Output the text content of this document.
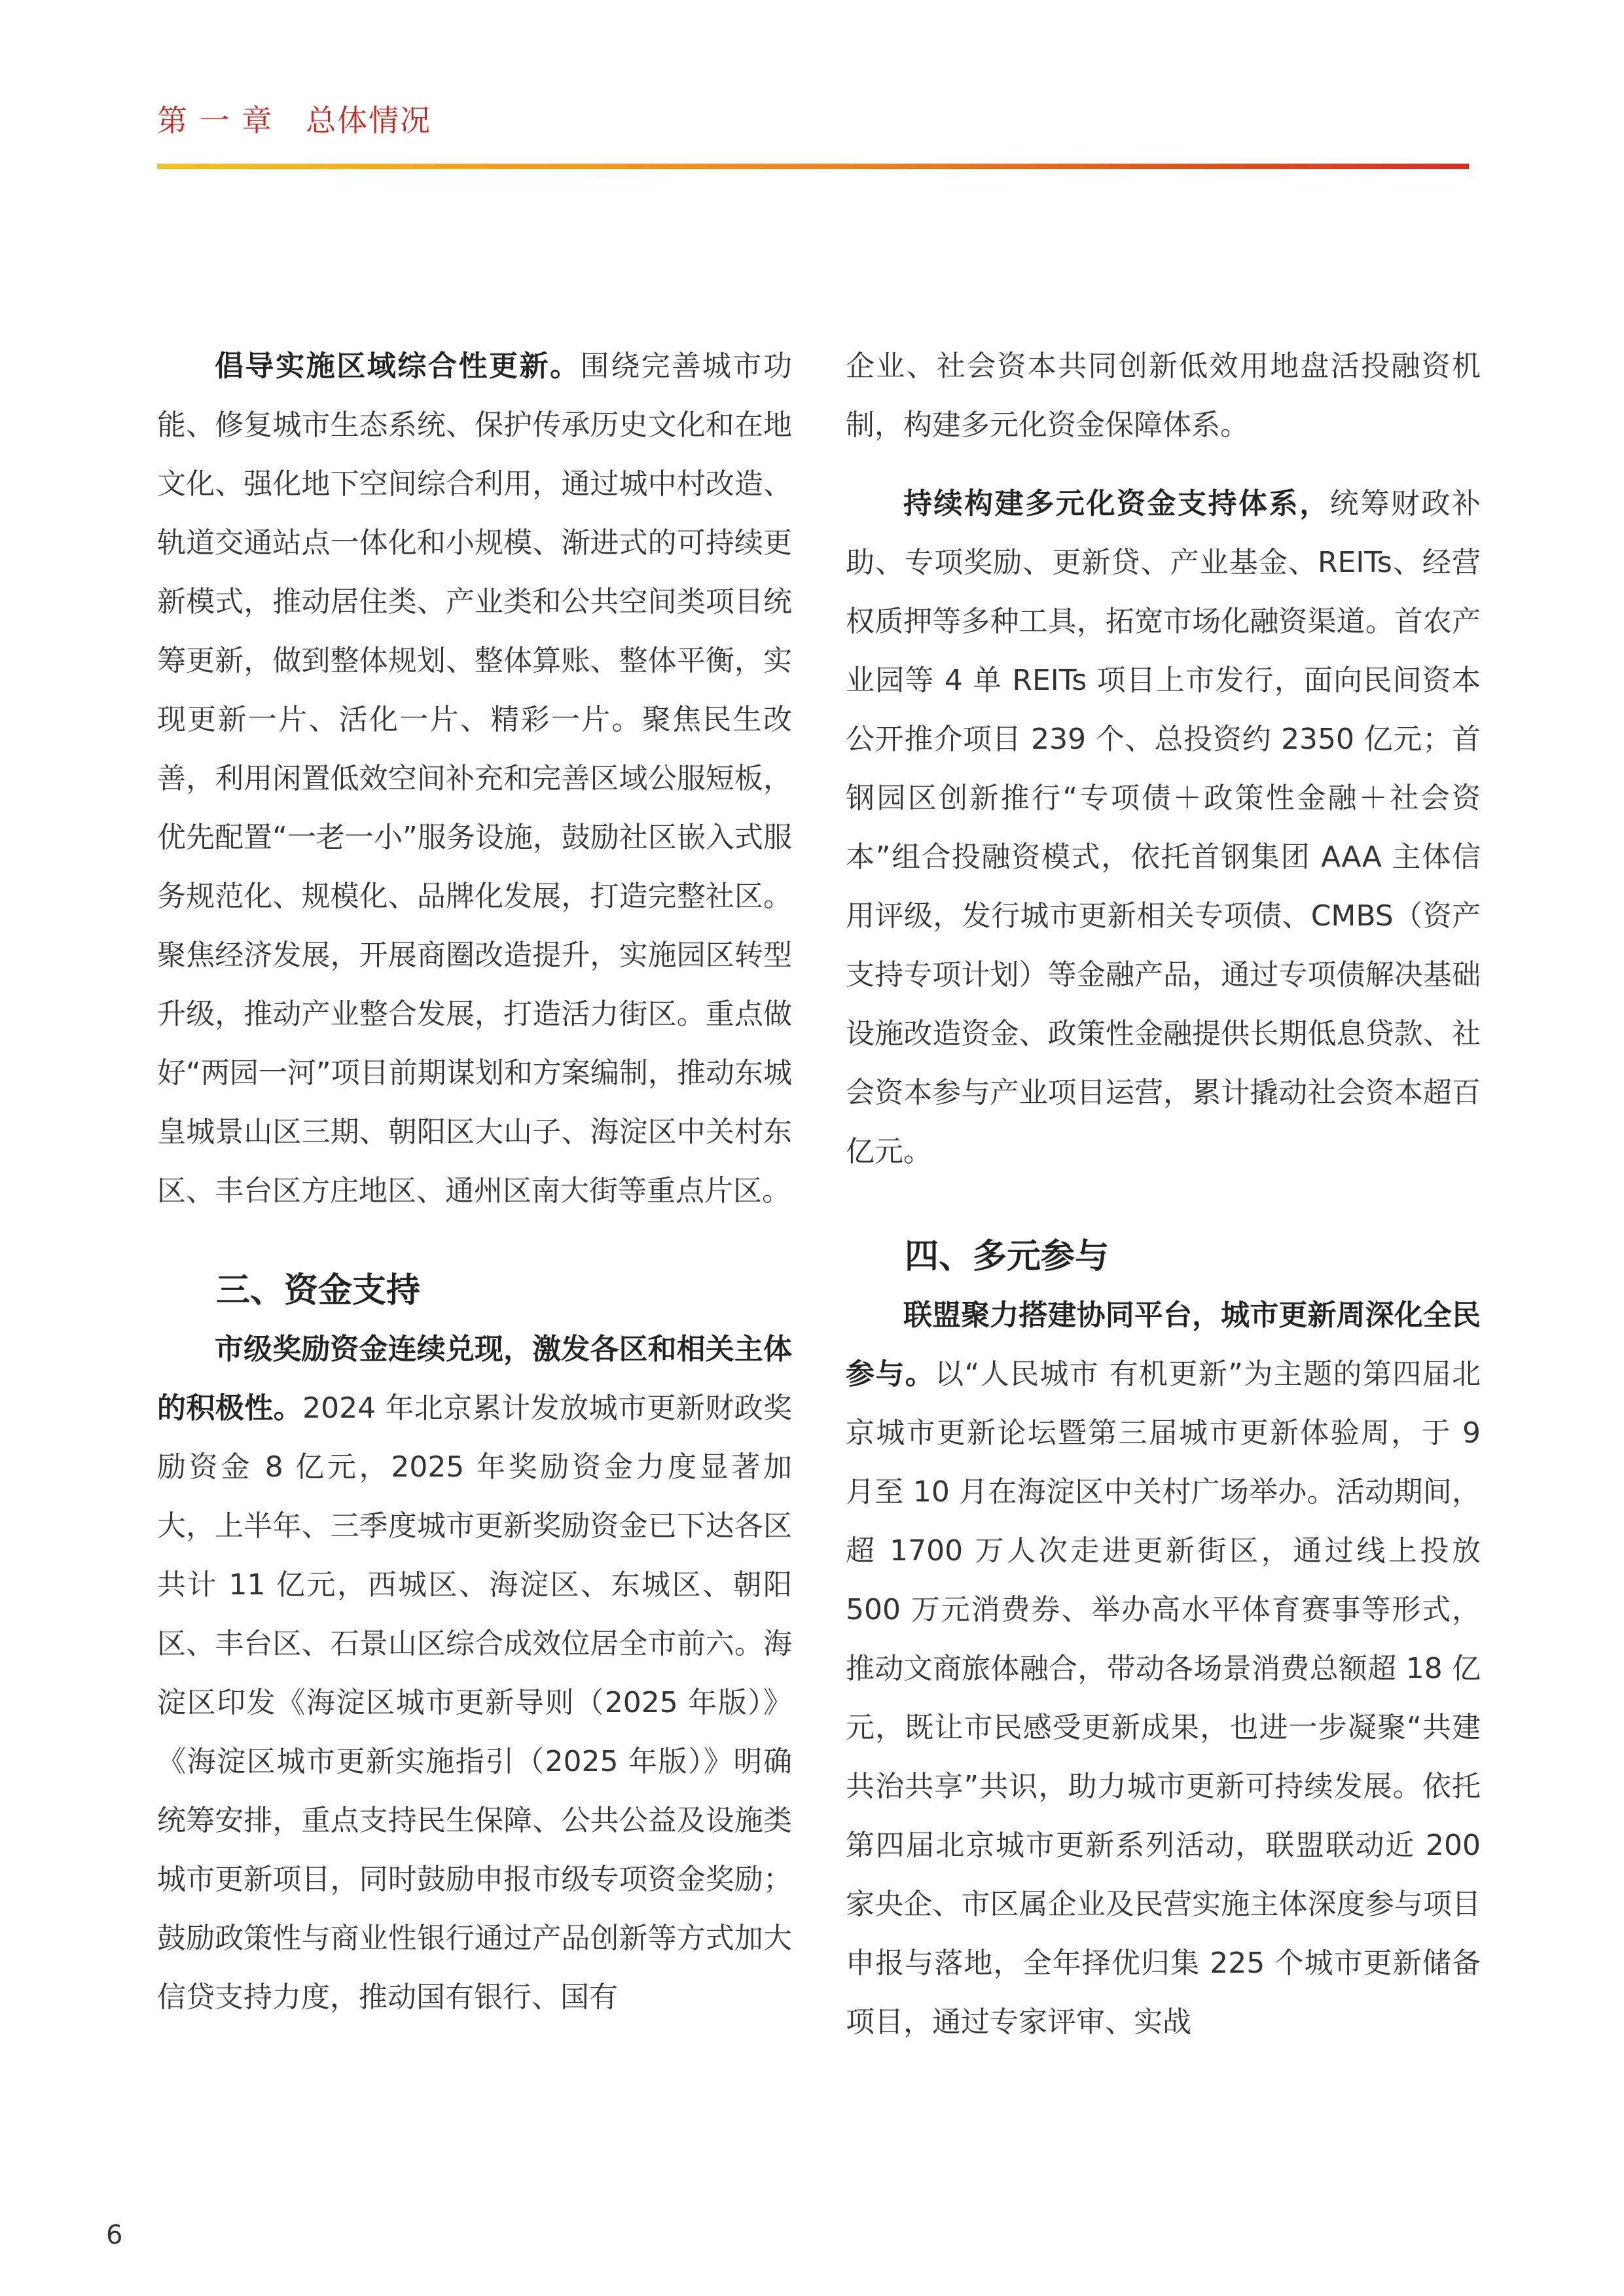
第 一 章   总体情况

倡导实施区域综合性更新。围绕完善城市功能、修复城市生态系统、保护传承历史文化和在地文化、强化地下空间综合利用，通过城中村改造、轨道交通站点一体化和小规模、渐进式的可持续更新模式，推动居住类、产业类和公共空间类项目统筹更新，做到整体规划、整体算账、整体平衡，实现更新一片、活化一片、精彩一片。聚焦民生改善，利用闲置低效空间补充和完善区域公服短板，优先配置“一老一小”服务设施，鼓励社区嵌入式服务规范化、规模化、品牌化发展，打造完整社区。聚焦经济发展，开展商圈改造提升，实施园区转型升级，推动产业整合发展，打造活力街区。重点做好“两园一河”项目前期谋划和方案编制，推动东城皇城景山区三期、朝阳区大山子、海淀区中关村东区、丰台区方庄地区、通州区南大街等重点片区。

三、资金支持

市级奖励资金连续兑现，激发各区和相关主体的积极性。2024 年北京累计发放城市更新财政奖励资金 8 亿元，2025 年奖励资金力度显著加大，上半年、三季度城市更新奖励资金已下达各区共计 11 亿元，西城区、海淀区、东城区、朝阳区、丰台区、石景山区综合成效位居全市前六。海淀区印发《海淀区城市更新导则（2025 年版）》《海淀区城市更新实施指引（2025 年版）》明确统筹安排，重点支持民生保障、公共公益及设施类城市更新项目，同时鼓励申报市级专项资金奖励；鼓励政策性与商业性银行通过产品创新等方式加大信贷支持力度，推动国有银行、国有

企业、社会资本共同创新低效用地盘活投融资机制，构建多元化资金保障体系。

持续构建多元化资金支持体系，统筹财政补助、专项奖励、更新贷、产业基金、REITs、经营权质押等多种工具，拓宽市场化融资渠道。首农产业园等 4 单 REITs 项目上市发行，面向民间资本公开推介项目 239 个、总投资约 2350 亿元；首钢园区创新推行“专项债＋政策性金融＋社会资本”组合投融资模式，依托首钢集团 AAA 主体信用评级，发行城市更新相关专项债、CMBS（资产支持专项计划）等金融产品，通过专项债解决基础设施改造资金、政策性金融提供长期低息贷款、社会资本参与产业项目运营，累计撬动社会资本超百亿元。

四、多元参与

联盟聚力搭建协同平台，城市更新周深化全民参与。以“人民城市 有机更新”为主题的第四届北京城市更新论坛暨第三届城市更新体验周，于 9 月至 10 月在海淀区中关村广场举办。活动期间，超 1700 万人次走进更新街区，通过线上投放 500 万元消费券、举办高水平体育赛事等形式，推动文商旅体融合，带动各场景消费总额超 18 亿元，既让市民感受更新成果，也进一步凝聚“共建共治共享”共识，助力城市更新可持续发展。依托第四届北京城市更新系列活动，联盟联动近 200 家央企、市区属企业及民营实施主体深度参与项目申报与落地，全年择优归集 225 个城市更新储备项目，通过专家评审、实战

6
